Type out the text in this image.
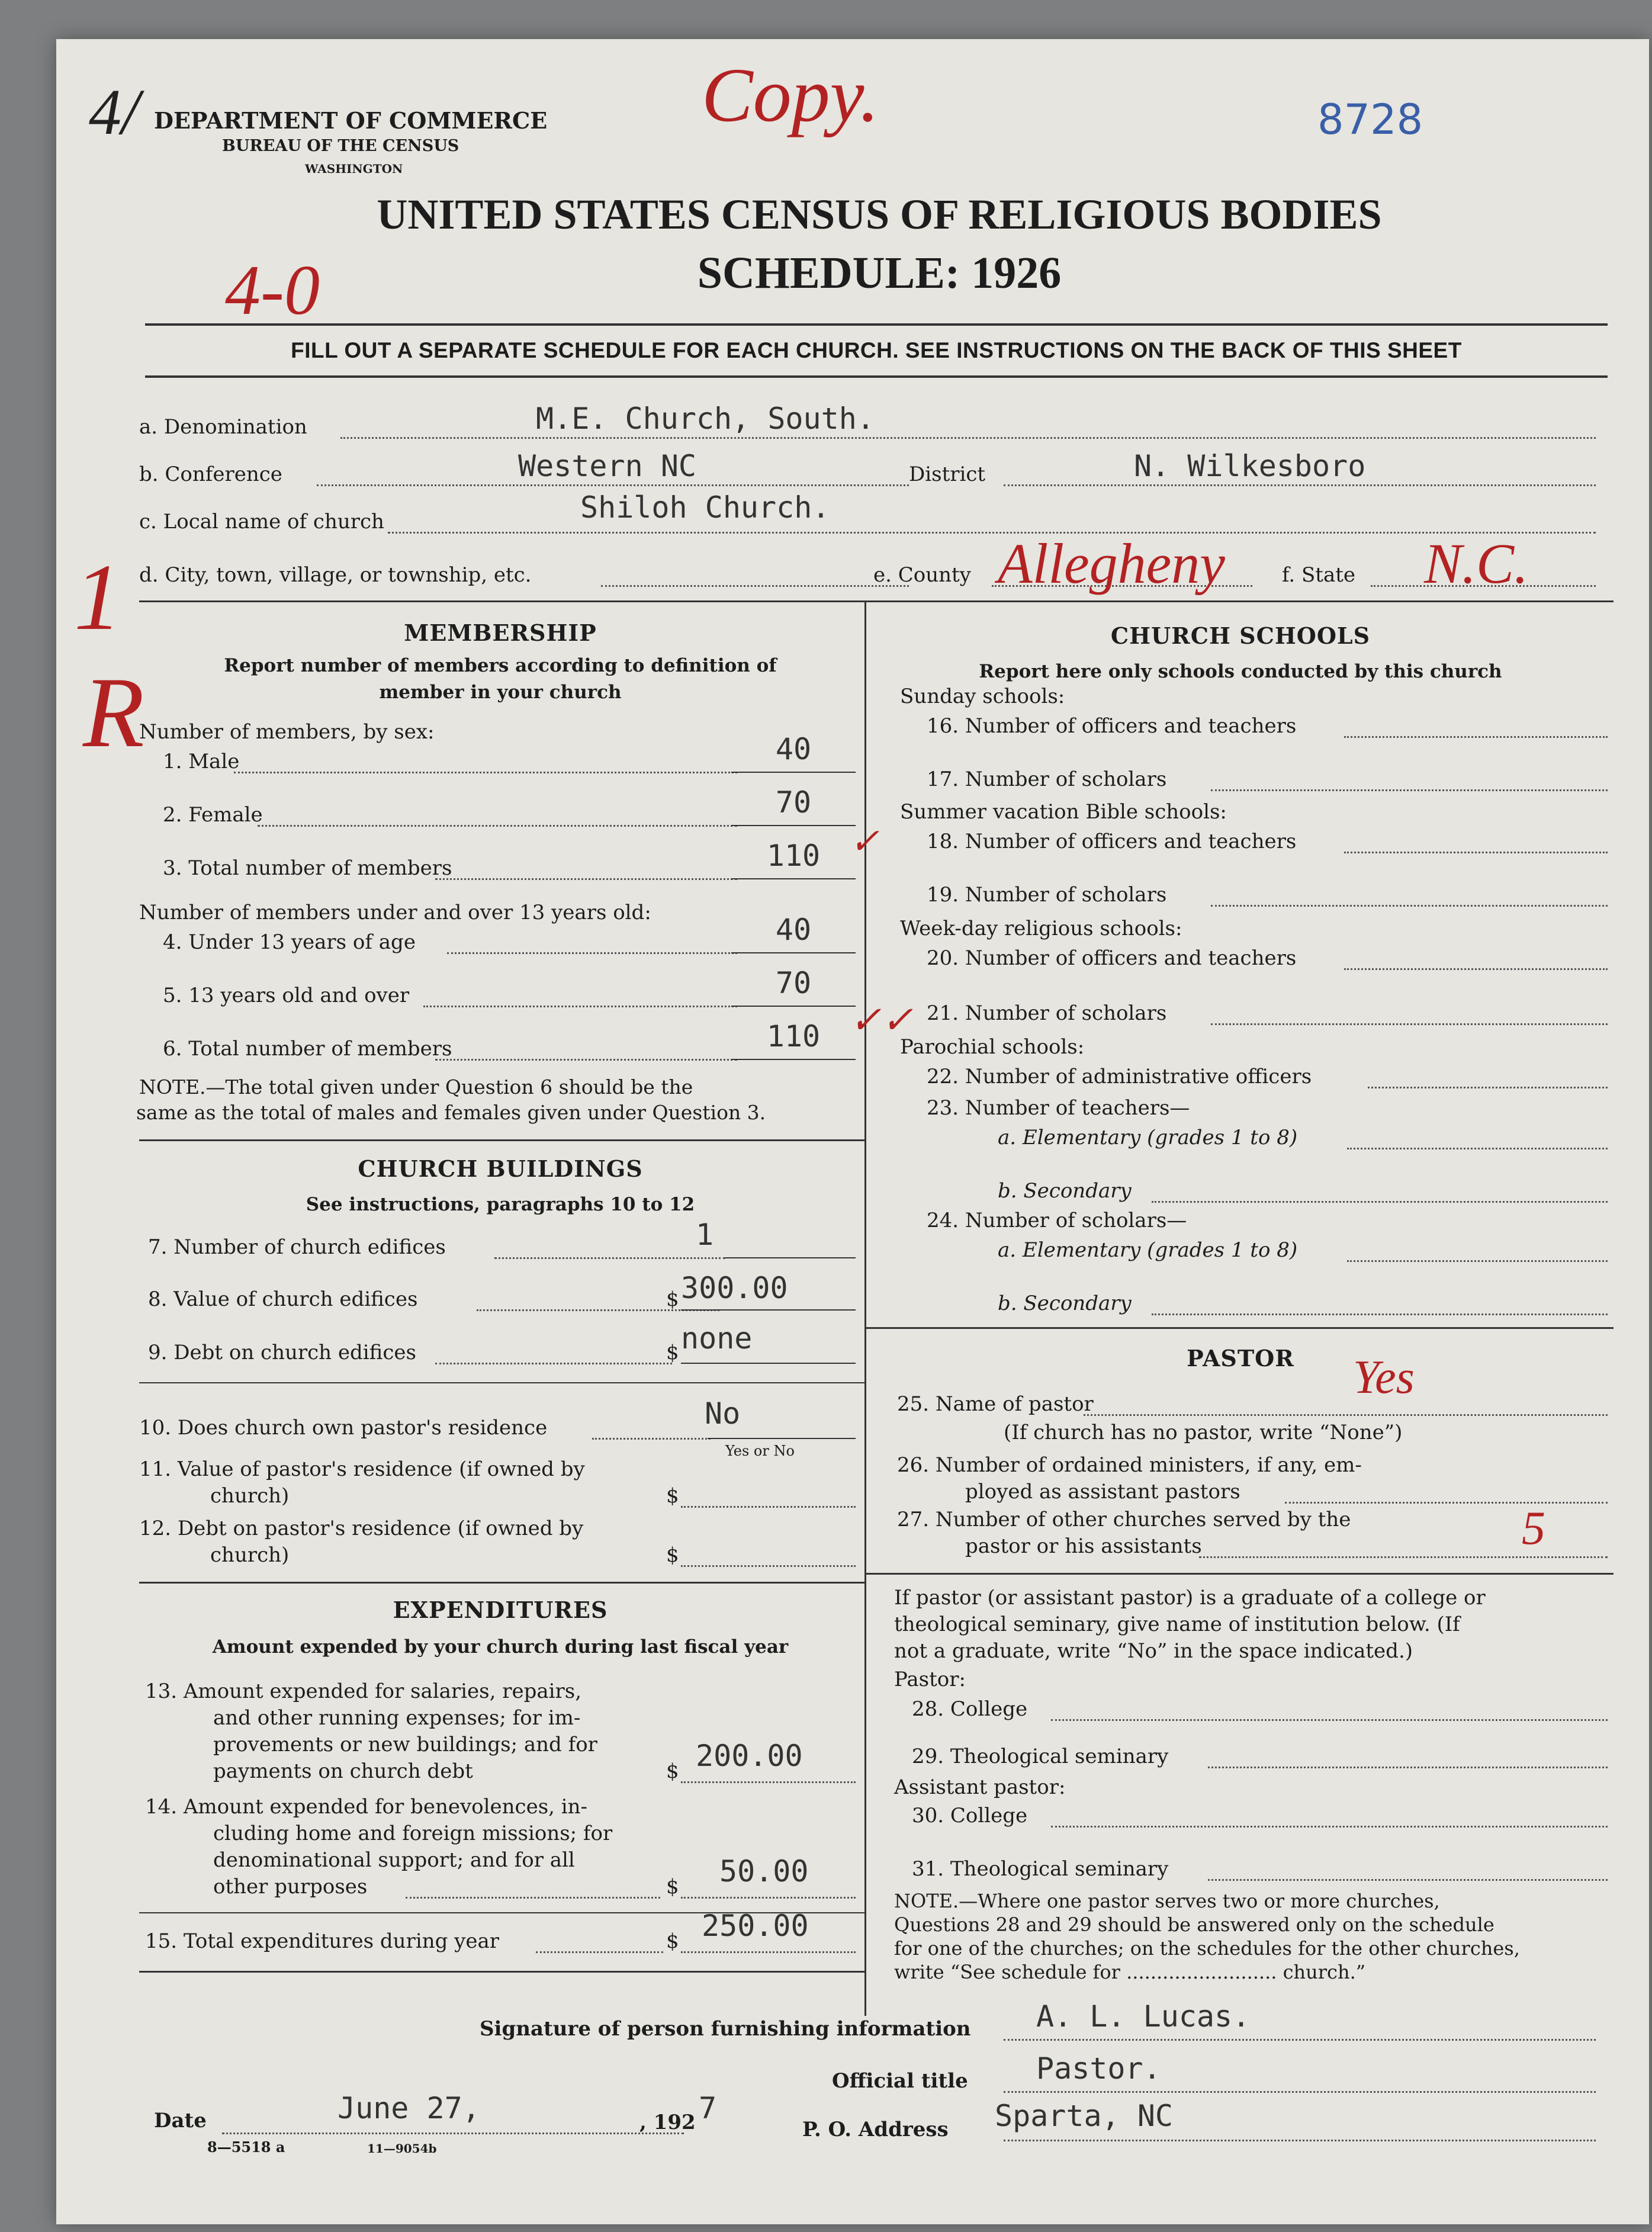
4/	Copy.	8728
4-0
1
R
DEPARTMENT OF COMMERCE
BUREAU OF THE CENSUS
WASHINGTON
UNITED STATES CENSUS OF RELIGIOUS BODIES
SCHEDULE: 1926
FILL OUT A SEPARATE SCHEDULE FOR EACH CHURCH. SEE INSTRUCTIONS ON THE BACK OF THIS SHEET
a. Denomination	M.E. Church, South.
b. Conference	Western NC	District	N. Wilkesboro
c. Local name of church	Shiloh Church.
d. City, town, village, or township, etc.	e. County Allegheny	f. State N.C.
MEMBERSHIP
Report number of members according to definition of
member in your church
Number of members, by sex:
1. Male	40
2. Female	70
3. Total number of members	110 ✓
Number of members under and over 13 years old:
4. Under 13 years of age	40
5. 13 years old and over	70
6. Total number of members	110 ✓✓
NOTE.—The total given under Question 6 should be the
same as the total of males and females given under Question 3.
CHURCH BUILDINGS
See instructions, paragraphs 10 to 12
7. Number of church edifices	1
8. Value of church edifices	$ 300.00
9. Debt on church edifices	$ none
10. Does church own pastor's residence	No
Yes or No
11. Value of pastor's residence (if owned by
church)	$
12. Debt on pastor's residence (if owned by
church)	$
EXPENDITURES
Amount expended by your church during last fiscal year
13. Amount expended for salaries, repairs,
and other running expenses; for im-
provements or new buildings; and for
payments on church debt	$ 200.00
14. Amount expended for benevolences, in-
cluding home and foreign missions; for
denominational support; and for all
other purposes	$ 50.00
15. Total expenditures during year	$ 250.00
CHURCH SCHOOLS
Report here only schools conducted by this church
Sunday schools:
16. Number of officers and teachers
17. Number of scholars
Summer vacation Bible schools:
18. Number of officers and teachers
19. Number of scholars
Week-day religious schools:
20. Number of officers and teachers
21. Number of scholars
Parochial schools:
22. Number of administrative officers
23. Number of teachers—
a. Elementary (grades 1 to 8)
b. Secondary
24. Number of scholars—
a. Elementary (grades 1 to 8)
b. Secondary
PASTOR
25. Name of pastor
Yes
(If church has no pastor, write “None”)
26. Number of ordained ministers, if any, em-
ployed as assistant pastors
27. Number of other churches served by the
pastor or his assistants	5
If pastor (or assistant pastor) is a graduate of a college or
theological seminary, give name of institution below. (If
not a graduate, write “No” in the space indicated.)
Pastor:
28. College
29. Theological seminary
Assistant pastor:
30. College
31. Theological seminary
NOTE.—Where one pastor serves two or more churches,
Questions 28 and 29 should be answered only on the schedule
for one of the churches; on the schedules for the other churches,
write “See schedule for ......................... church.”
Signature of person furnishing information A. L. Lucas.
Official title Pastor.
Date	June 27,	, 192 7
P. O. Address Sparta, NC
8—5518 a	11—9054b
